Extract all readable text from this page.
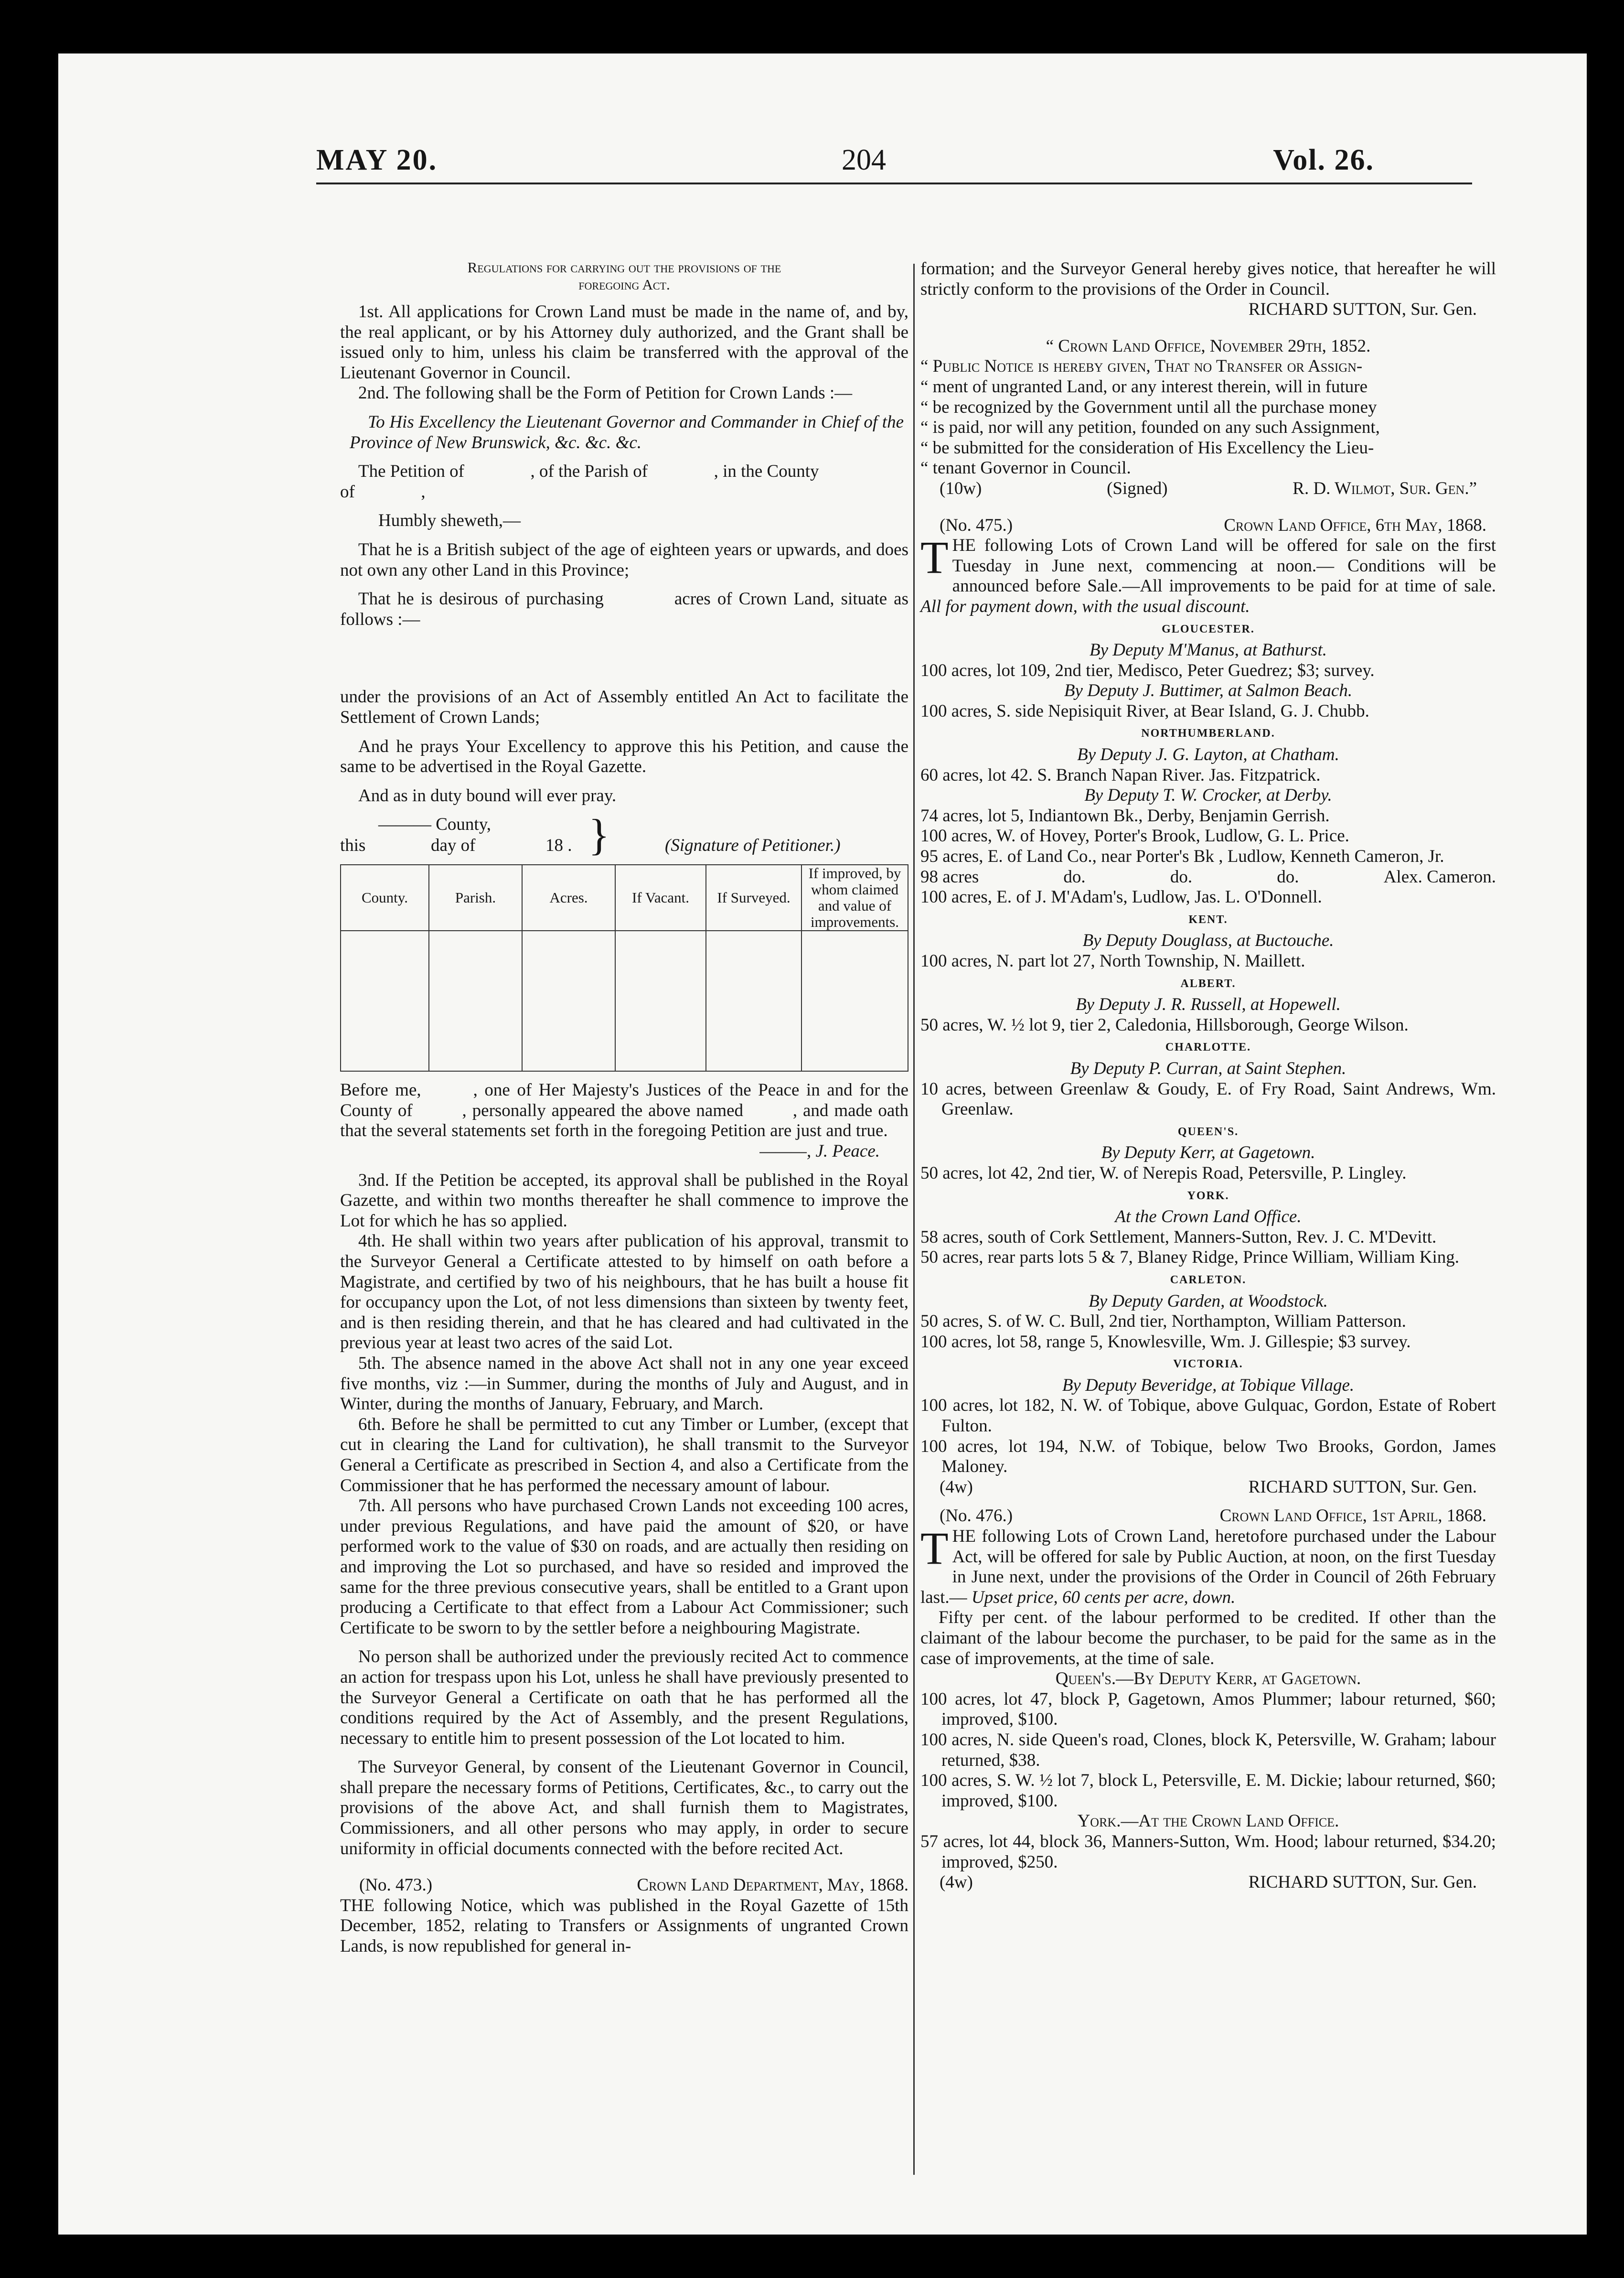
MAY 20.	204	Vol. 26.

Regulations for carrying out the provisions of the
foregoing Act.

1st. All applications for Crown Land must be made in the name of, and by, the real applicant, or by his Attorney duly authorized, and the Grant shall be issued only to him, unless his claim be transferred with the approval of the Lieutenant Governor in Council.

2nd. The following shall be the Form of Petition for Crown Lands :—

To His Excellency the Lieutenant Governor and Commander in Chief of the Province of New Brunswick, &c. &c. &c.

The Petition of	, of the Parish of	, in the County

of	,

Humbly sheweth,—

That he is a British subject of the age of eighteen years or upwards, and does not own any other Land in this Province;

That he is desirous of purchasing	acres of Crown Land, situate as follows :—

under the provisions of an Act of Assembly entitled An Act to facilitate the Settlement of Crown Lands;

And he prays Your Excellency to approve this his Petition, and cause the same to be advertised in the Royal Gazette.

And as in duty bound will ever pray.

——— County,
this	day of	18 . }	(Signature of Petitioner.)
County.	Parish.	Acres.	If Vacant.	If Surveyed.	If improved, by whom claimed and value of improvements.

Before me,	, one of Her Majesty's Justices of the Peace in and for the County of	, personally appeared the above named	, and made oath that the several statements set forth in the foregoing Petition are just and true.

———, J. Peace.

3nd. If the Petition be accepted, its approval shall be published in the Royal Gazette, and within two months thereafter he shall commence to improve the Lot for which he has so applied.

4th. He shall within two years after publication of his approval, transmit to the Surveyor General a Certificate attested to by himself on oath before a Magistrate, and certified by two of his neighbours, that he has built a house fit for occupancy upon the Lot, of not less dimensions than sixteen by twenty feet, and is then residing therein, and that he has cleared and had cultivated in the previous year at least two acres of the said Lot.

5th. The absence named in the above Act shall not in any one year exceed five months, viz :—in Summer, during the months of July and August, and in Winter, during the months of January, February, and March.

6th. Before he shall be permitted to cut any Timber or Lumber, (except that cut in clearing the Land for cultivation), he shall transmit to the Surveyor General a Certificate as prescribed in Section 4, and also a Certificate from the Commissioner that he has performed the necessary amount of labour.

7th. All persons who have purchased Crown Lands not exceeding 100 acres, under previous Regulations, and have paid the amount of $20, or have performed work to the value of $30 on roads, and are actually then residing on and improving the Lot so purchased, and have so resided and improved the same for the three previous consecutive years, shall be entitled to a Grant upon producing a Certificate to that effect from a Labour Act Commissioner; such Certificate to be sworn to by the settler before a neighbouring Magistrate.

No person shall be authorized under the previously recited Act to commence an action for trespass upon his Lot, unless he shall have previously presented to the Surveyor General a Certificate on oath that he has performed all the conditions required by the Act of Assembly, and the present Regulations, necessary to entitle him to present possession of the Lot located to him.

The Surveyor General, by consent of the Lieutenant Governor in Council, shall prepare the necessary forms of Petitions, Certificates, &c., to carry out the provisions of the above Act, and shall furnish them to Magistrates, Commissioners, and all other persons who may apply, in order to secure uniformity in official documents connected with the before recited Act.

(No. 473.)	Crown Land Department, May, 1868.

THE following Notice, which was published in the Royal Gazette of 15th December, 1852, relating to Transfers or Assignments of ungranted Crown Lands, is now republished for general in-

formation; and the Surveyor General hereby gives notice, that hereafter he will strictly conform to the provisions of the Order in Council.

RICHARD SUTTON, Sur. Gen.

“ Crown Land Office, November 29th, 1852.

“ Public Notice is hereby given, That no Transfer or Assign-

“ ment of ungranted Land, or any interest therein, will in future

“ be recognized by the Government until all the purchase money

“ is paid, nor will any petition, founded on any such Assignment,

“ be submitted for the consideration of His Excellency the Lieu-

“ tenant Governor in Council.

(10w)	(Signed)	R. D. Wilmot, Sur. Gen.”
(No. 475.)	Crown Land Office, 6th May, 1868.

T HE following Lots of Crown Land will be offered for sale on the first Tuesday in June next, commencing at noon.— Conditions will be announced before Sale.—All improvements to be paid for at time of sale. All for payment down, with the usual discount.

GLOUCESTER.

By Deputy M'Manus, at Bathurst.

100 acres, lot 109, 2nd tier, Medisco, Peter Guedrez; $3; survey.

By Deputy J. Buttimer, at Salmon Beach.

100 acres, S. side Nepisiquit River, at Bear Island, G. J. Chubb.

NORTHUMBERLAND.

By Deputy J. G. Layton, at Chatham.

60 acres, lot 42. S. Branch Napan River. Jas. Fitzpatrick.

By Deputy T. W. Crocker, at Derby.

74 acres, lot 5, Indiantown Bk., Derby, Benjamin Gerrish.

100 acres, W. of Hovey, Porter's Brook, Ludlow, G. L. Price.

95 acres, E. of Land Co., near Porter's Bk , Ludlow, Kenneth Cameron, Jr.

98 acres	do.	do.	do.	Alex. Cameron.

100 acres, E. of J. M'Adam's, Ludlow, Jas. L. O'Donnell.

KENT.

By Deputy Douglass, at Buctouche.

100 acres, N. part lot 27, North Township, N. Maillett.

ALBERT.

By Deputy J. R. Russell, at Hopewell.

50 acres, W. ½ lot 9, tier 2, Caledonia, Hillsborough, George Wilson.

CHARLOTTE.

By Deputy P. Curran, at Saint Stephen.

10 acres, between Greenlaw & Goudy, E. of Fry Road, Saint Andrews, Wm. Greenlaw.

QUEEN'S.

By Deputy Kerr, at Gagetown.

50 acres, lot 42, 2nd tier, W. of Nerepis Road, Petersville, P. Lingley.

YORK.

At the Crown Land Office.

58 acres, south of Cork Settlement, Manners-Sutton, Rev. J. C. M'Devitt.

50 acres, rear parts lots 5 & 7, Blaney Ridge, Prince William, William King.

CARLETON.

By Deputy Garden, at Woodstock.

50 acres, S. of W. C. Bull, 2nd tier, Northampton, William Patterson.

100 acres, lot 58, range 5, Knowlesville, Wm. J. Gillespie; $3 survey.

VICTORIA.

By Deputy Beveridge, at Tobique Village.

100 acres, lot 182, N. W. of Tobique, above Gulquac, Gordon, Estate of Robert Fulton.

100 acres, lot 194, N.W. of Tobique, below Two Brooks, Gordon, James Maloney.

(4w)	RICHARD SUTTON, Sur. Gen.
(No. 476.)	Crown Land Office, 1st April, 1868.

T HE following Lots of Crown Land, heretofore purchased under the Labour Act, will be offered for sale by Public Auction, at noon, on the first Tuesday in June next, under the provisions of the Order in Council of 26th February last.— Upset price, 60 cents per acre, down.

Fifty per cent. of the labour performed to be credited. If other than the claimant of the labour become the purchaser, to be paid for the same as in the case of improvements, at the time of sale.

Queen's.—By Deputy Kerr, at Gagetown.

100 acres, lot 47, block P, Gagetown, Amos Plummer; labour returned, $60; improved, $100.

100 acres, N. side Queen's road, Clones, block K, Petersville, W. Graham; labour returned, $38.

100 acres, S. W. ½ lot 7, block L, Petersville, E. M. Dickie; labour returned, $60; improved, $100.

York.—At the Crown Land Office.

57 acres, lot 44, block 36, Manners-Sutton, Wm. Hood; labour returned, $34.20; improved, $250.

(4w)	RICHARD SUTTON, Sur. Gen.
